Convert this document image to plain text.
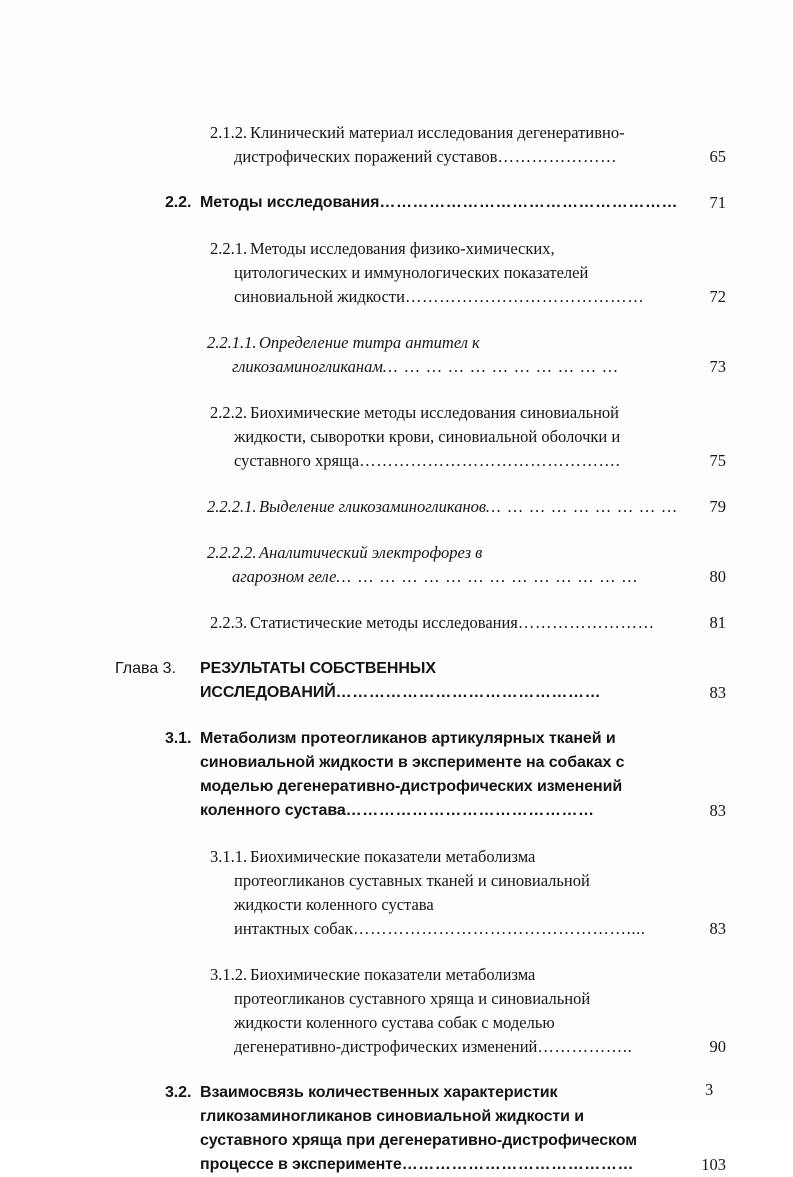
2.1.2. Клинический материал исследования дегенеративно-
дистрофических поражений суставов…………………	65
2.2. Методы исследования………………………………………………	71
2.2.1. Методы исследования физико-химических,
цитологических и иммунологических показателей
синовиальной жидкости……………………………………	72
2.2.1.1. Определение титра антител к
гликозаминогликанам… … … … … … … … … … …	73
2.2.2. Биохимические методы исследования синовиальной
жидкости, сыворотки крови, синовиальной оболочки и
суставного хряща……………………………………….	75
2.2.2.1. Выделение гликозаминогликанов… … … … … … … … …	79
2.2.2.2. Аналитический электрофорез в
агарозном геле… … … … … … … … … … … … … …	80
2.2.3. Статистические методы исследования……………………	81
Глава 3. РЕЗУЛЬТАТЫ СОБСТВЕННЫХ
ИССЛЕДОВАНИЙ…………………………………………	83
3.1. Метаболизм протеогликанов артикулярных тканей и
синовиальной жидкости в эксперименте на собаках с
моделью дегенеративно-дистрофических изменений
коленного сустава………………………………………	83
3.1.1. Биохимические показатели метаболизма
протеогликанов суставных тканей и синовиальной
жидкости коленного сустава
интактных собак…………………………………………....	83
3.1.2. Биохимические показатели метаболизма
протеогликанов суставного хряща и синовиальной
жидкости коленного сустава собак с моделью
дегенеративно-дистрофических изменений……………..	90
3.2. Взаимосвязь количественных характеристик
гликозаминогликанов синовиальной жидкости и
суставного хряща при дегенеративно-дистрофическом
процессе в эксперименте……………………………………	103
3
